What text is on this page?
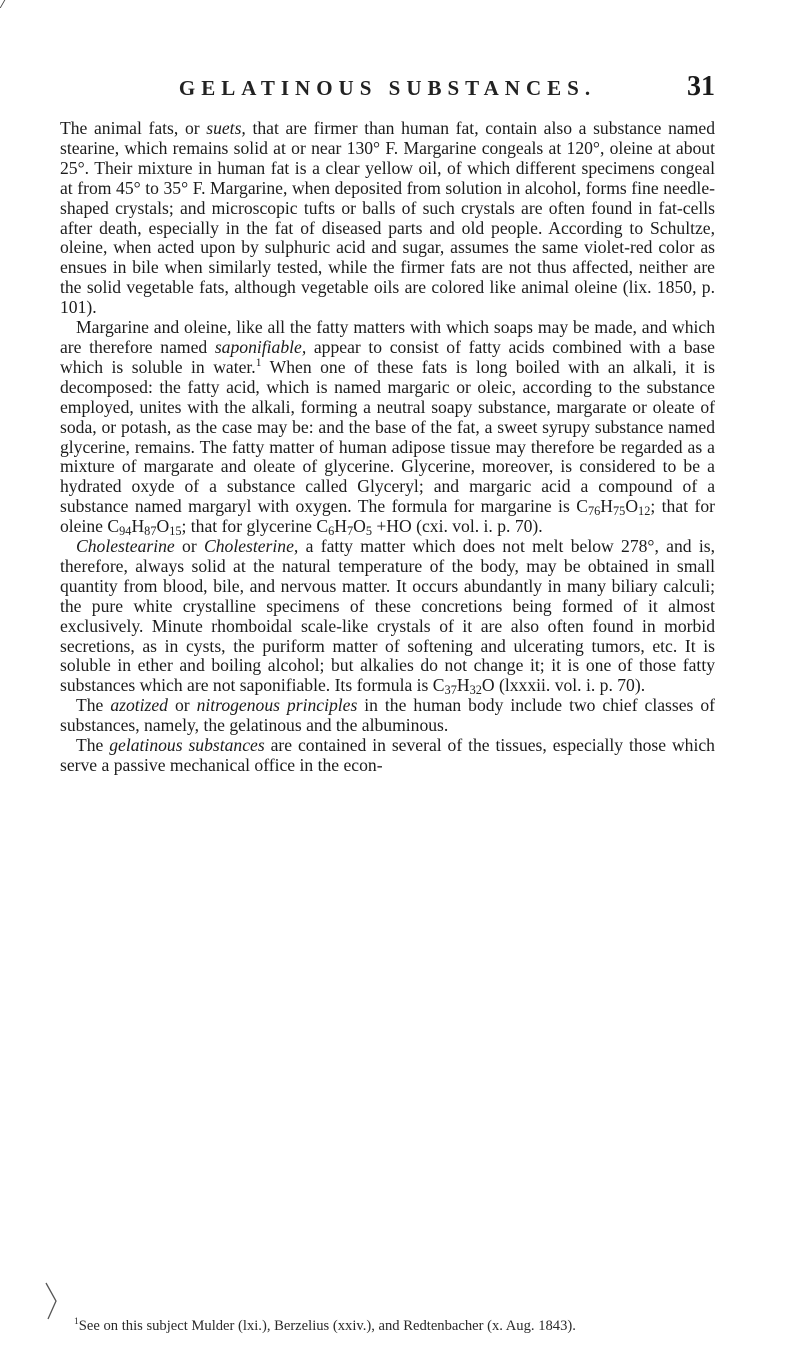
GELATINOUS SUBSTANCES.	31

The animal fats, or suets, that are firmer than human fat, contain also a substance named stearine, which remains solid at or near 130° F. Margarine congeals at 120°, oleine at about 25°. Their mixture in human fat is a clear yellow oil, of which different specimens congeal at from 45° to 35° F. Margarine, when deposited from solution in alcohol, forms fine needle-shaped crystals; and microscopic tufts or balls of such crystals are often found in fat-cells after death, especially in the fat of diseased parts and old people. According to Schultze, oleine, when acted upon by sulphuric acid and sugar, assumes the same violet-red color as ensues in bile when similarly tested, while the firmer fats are not thus affected, neither are the solid vegetable fats, although vegetable oils are colored like animal oleine (lix. 1850, p. 101).

Margarine and oleine, like all the fatty matters with which soaps may be made, and which are therefore named saponifiable, appear to consist of fatty acids combined with a base which is soluble in water.$^1$ When one of these fats is long boiled with an alkali, it is decomposed: the fatty acid, which is named margaric or oleic, according to the substance employed, unites with the alkali, forming a neutral soapy substance, margarate or oleate of soda, or potash, as the case may be: and the base of the fat, a sweet syrupy substance named glycerine, remains. The fatty matter of human adipose tissue may therefore be regarded as a mixture of margarate and oleate of glycerine. Glycerine, moreover, is considered to be a hydrated oxyde of a substance called Glyceryl; and margaric acid a compound of a substance named margaryl with oxygen. The formula for margarine is $C_{76}H_{75}O_{12}$; that for oleine $C_{94}H_{87}O_{15}$; that for glycerine $C_6H_7O_5 +HO$ (cxi. vol. i. p. 70).

Cholestearine or Cholesterine, a fatty matter which does not melt below 278°, and is, therefore, always solid at the natural temperature of the body, may be obtained in small quantity from blood, bile, and nervous matter. It occurs abundantly in many biliary calculi; the pure white crystalline specimens of these concretions being formed of it almost exclusively. Minute rhomboidal scale-like crystals of it are also often found in morbid secretions, as in cysts, the puriform matter of softening and ulcerating tumors, etc. It is soluble in ether and boiling alcohol; but alkalies do not change it; it is one of those fatty substances which are not saponifiable. Its formula is $C_{37}H_{32}O$ (lxxxii. vol. i. p. 70).

The azotized or nitrogenous principles in the human body include two chief classes of substances, namely, the gelatinous and the albuminous.

The gelatinous substances are contained in several of the tissues, especially those which serve a passive mechanical office in the econ-

$^1$See on this subject Mulder (lxi.), Berzelius (xxiv.), and Redtenbacher (x. Aug. 1843).
